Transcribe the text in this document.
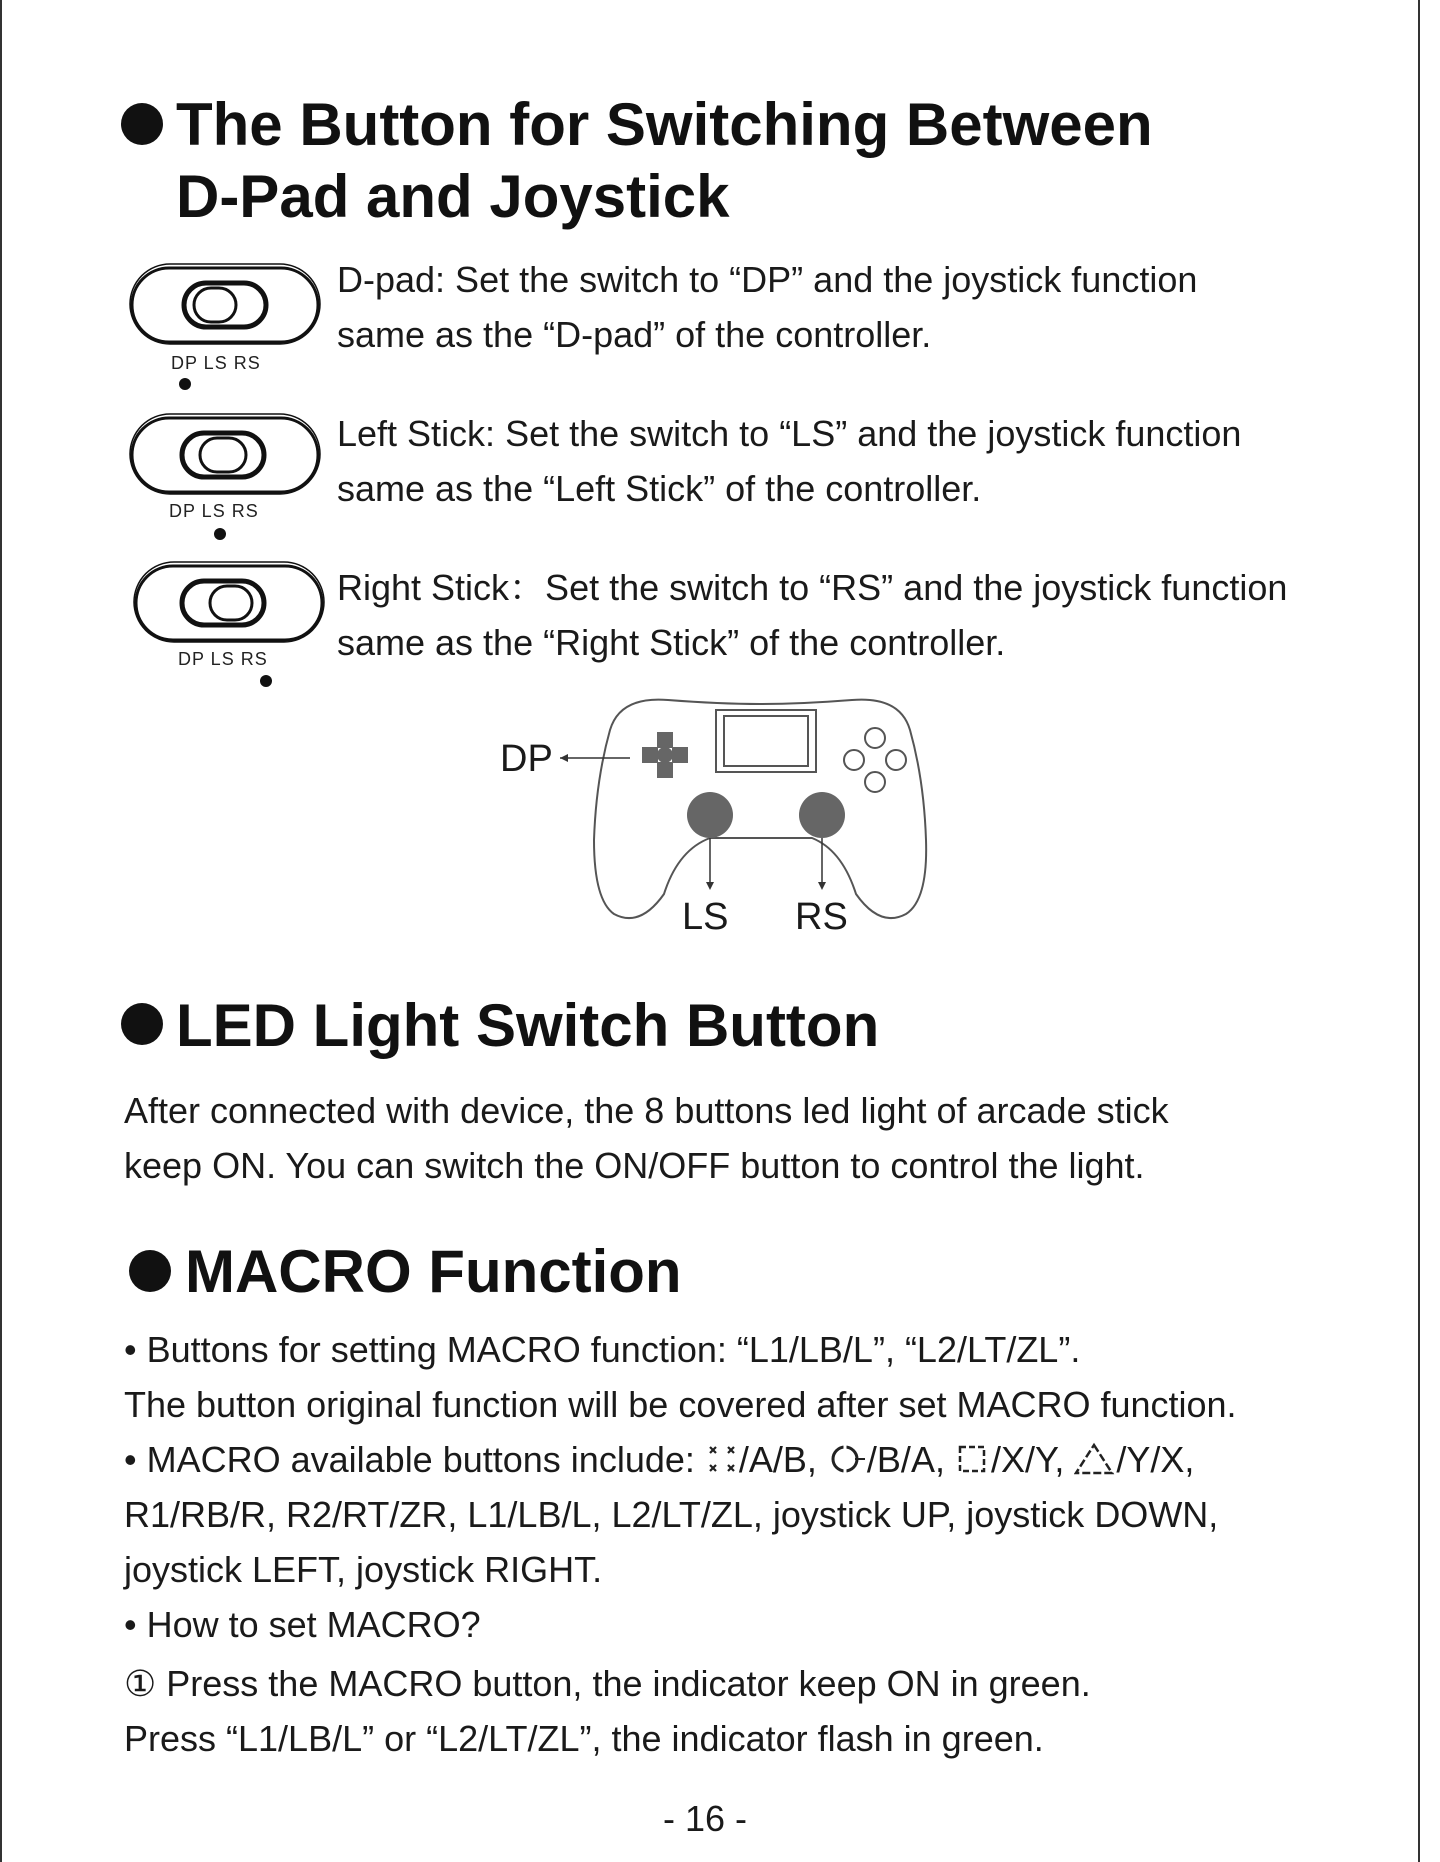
The Button for Switching Between
D-Pad and Joystick
DP LS RS
DP LS RS
DP LS RS
D-pad: Set the switch to “DP” and the joystick function
same as the “D-pad” of the controller.
Left Stick: Set the switch to “LS” and the joystick function
same as the “Left Stick” of the controller.
Right Stick：Set the switch to “RS” and the joystick function
same as the “Right Stick” of the controller.
DP
LS RS
LED Light Switch Button
After connected with device, the 8 buttons led light of arcade stick
keep ON. You can switch the ON/OFF button to control the light.
MACRO Function
• Buttons for setting MACRO function: “L1/LB/L”, “L2/LT/ZL”.
The button original function will be covered after set MACRO function.
• MACRO available buttons include: /A/B, /B/A, /X/Y, /Y/X,
R1/RB/R, R2/RT/ZR, L1/LB/L, L2/LT/ZL, joystick UP, joystick DOWN,
joystick LEFT, joystick RIGHT.
• How to set MACRO?
① Press the MACRO button, the indicator keep ON in green.
Press “L1/LB/L” or “L2/LT/ZL”, the indicator flash in green.
- 16 -
